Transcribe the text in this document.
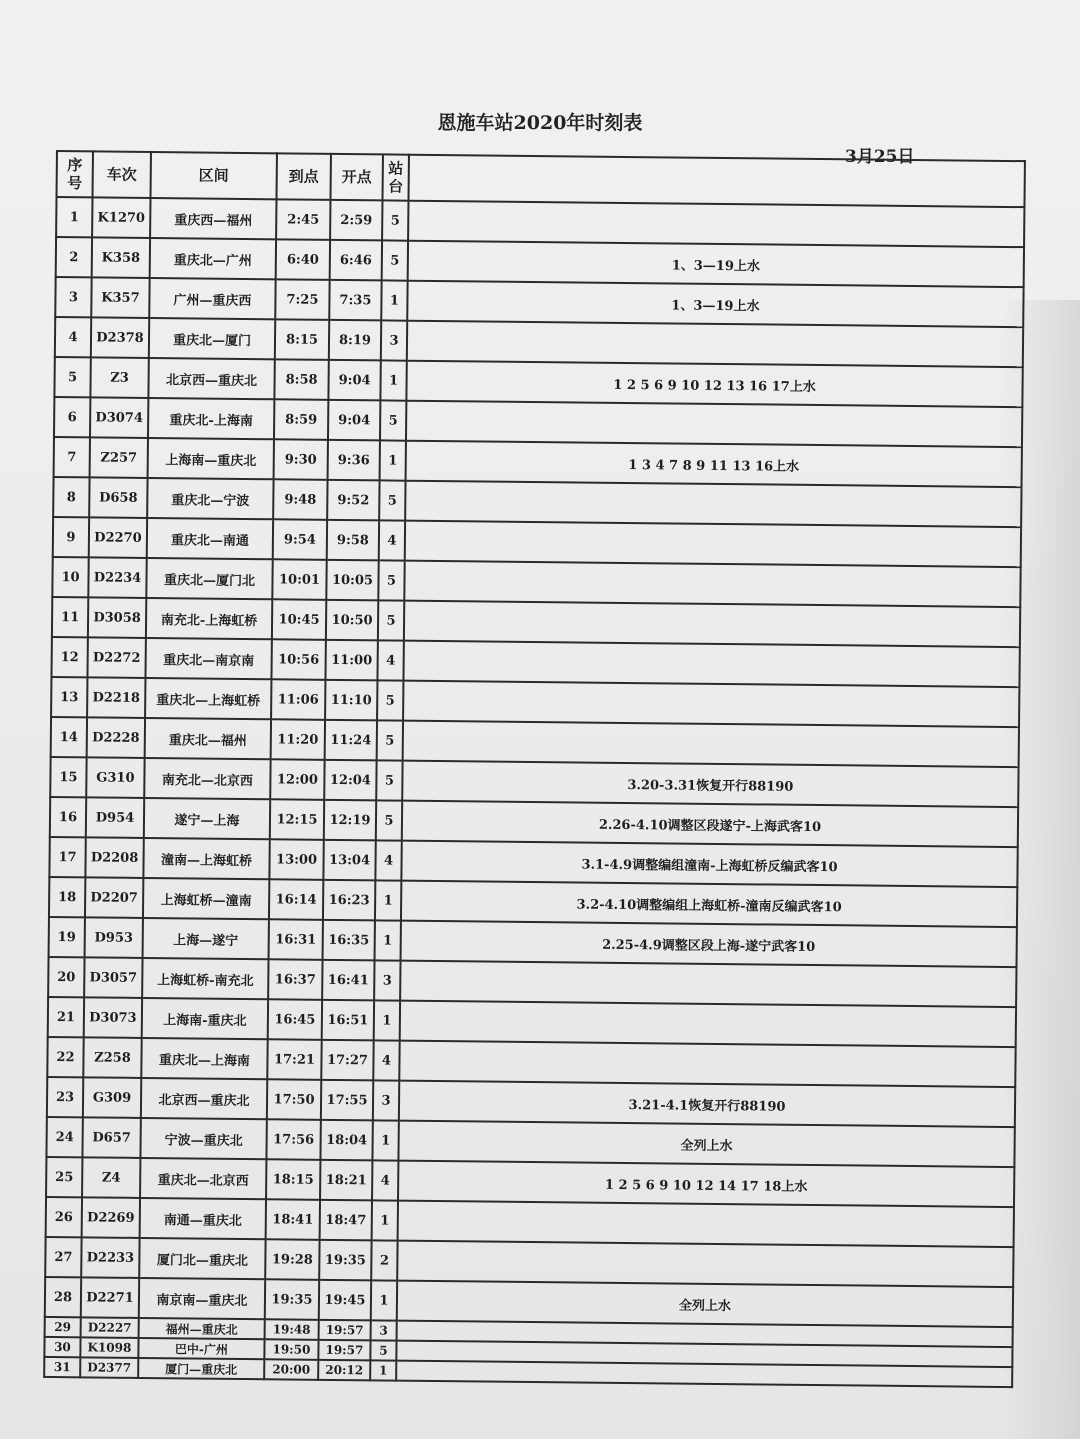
恩施车站2020年时刻表
3月25日
序号	车次	区间	到点	开点	站台	
1	K1270	重庆西—福州	2:45	2:59	5	
2	K358	重庆北—广州	6:40	6:46	5	1、3—19上水
3	K357	广州—重庆西	7:25	7:35	1	1、3—19上水
4	D2378	重庆北—厦门	8:15	8:19	3	
5	Z3	北京西—重庆北	8:58	9:04	1	1 2 5 6 9 10 12 13 16 17上水
6	D3074	重庆北-上海南	8:59	9:04	5	
7	Z257	上海南—重庆北	9:30	9:36	1	1 3 4 7 8 9 11 13 16上水
8	D658	重庆北—宁波	9:48	9:52	5	
9	D2270	重庆北—南通	9:54	9:58	4	
10	D2234	重庆北—厦门北	10:01	10:05	5	
11	D3058	南充北-上海虹桥	10:45	10:50	5	
12	D2272	重庆北—南京南	10:56	11:00	4	
13	D2218	重庆北—上海虹桥	11:06	11:10	5	
14	D2228	重庆北—福州	11:20	11:24	5	
15	G310	南充北—北京西	12:00	12:04	5	3.20-3.31恢复开行88190
16	D954	遂宁—上海	12:15	12:19	5	2.26-4.10调整区段遂宁-上海武客10
17	D2208	潼南—上海虹桥	13:00	13:04	4	3.1-4.9调整编组潼南-上海虹桥反编武客10
18	D2207	上海虹桥—潼南	16:14	16:23	1	3.2-4.10调整编组上海虹桥-潼南反编武客10
19	D953	上海—遂宁	16:31	16:35	1	2.25-4.9调整区段上海-遂宁武客10
20	D3057	上海虹桥-南充北	16:37	16:41	3	
21	D3073	上海南-重庆北	16:45	16:51	1	
22	Z258	重庆北—上海南	17:21	17:27	4	
23	G309	北京西—重庆北	17:50	17:55	3	3.21-4.1恢复开行88190
24	D657	宁波—重庆北	17:56	18:04	1	全列上水
25	Z4	重庆北—北京西	18:15	18:21	4	1 2 5 6 9 10 12 14 17 18上水
26	D2269	南通—重庆北	18:41	18:47	1	
27	D2233	厦门北—重庆北	19:28	19:35	2	
28	D2271	南京南—重庆北	19:35	19:45	1	全列上水
29	D2227	福州—重庆北	19:48	19:57	3	
30	K1098	巴中-广州	19:50	19:57	5	
31	D2377	厦门—重庆北	20:00	20:12	1	
